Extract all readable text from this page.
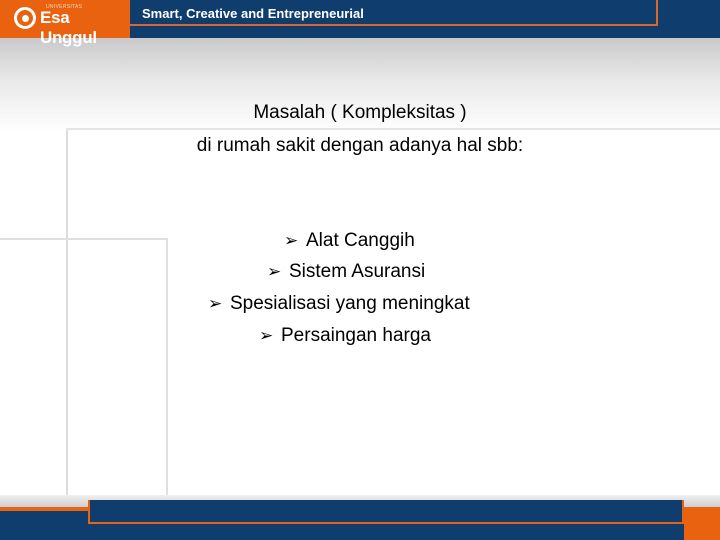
UNIVERSITAS
Esa Unggul
Smart, Creative and Entrepreneurial
Masalah ( Kompleksitas )
di rumah sakit dengan adanya hal sbb:
➢ Alat Canggih
➢ Sistem Asuransi
➢ Spesialisasi yang meningkat
➢ Persaingan harga
